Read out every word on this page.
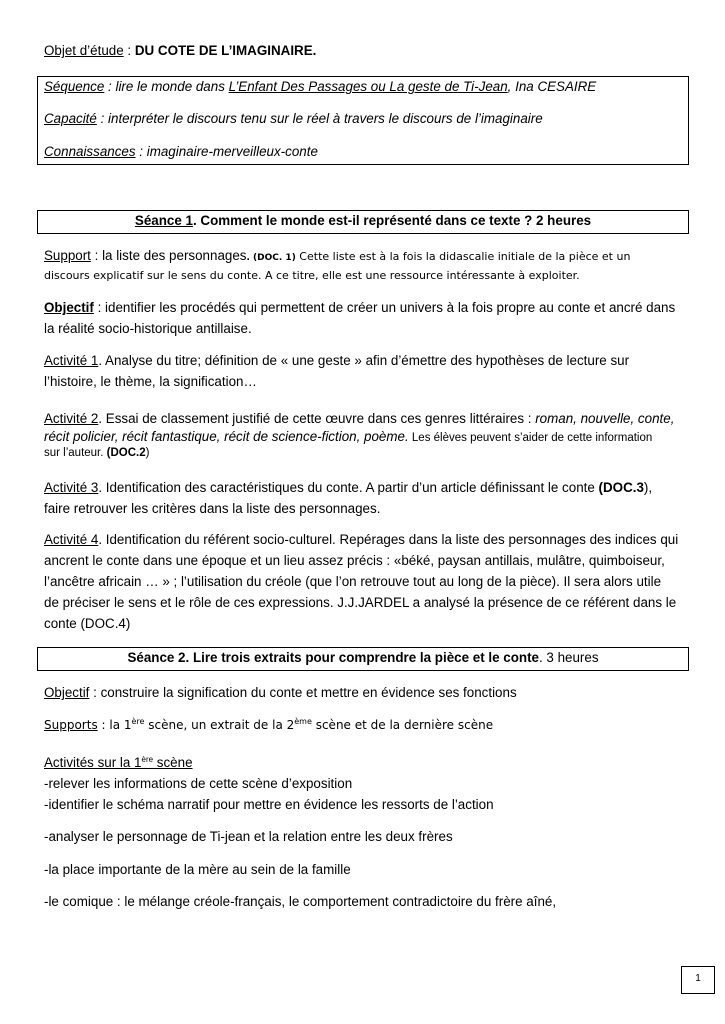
Objet d’étude : DU COTE DE L’IMAGINAIRE.
Séquence : lire le monde dans L’Enfant Des Passages ou La geste de Ti-Jean, Ina CESAIRE
Capacité : interpréter le discours tenu sur le réel à travers le discours de l’imaginaire
Connaissances : imaginaire-merveilleux-conte
Séance 1. Comment le monde est-il représenté dans ce texte ? 2 heures
Support : la liste des personnages. (DOC. 1) Cette liste est à la fois la didascalie initiale de la pièce et un
discours explicatif sur le sens du conte. A ce titre, elle est une ressource intéressante à exploiter.
Objectif : identifier les procédés qui permettent de créer un univers à la fois propre au conte et ancré dans
la réalité socio-historique antillaise.
Activité 1. Analyse du titre; définition de « une geste » afin d’émettre des hypothèses de lecture sur
l’histoire, le thème, la signification…
Activité 2. Essai de classement justifié de cette œuvre dans ces genres littéraires : roman, nouvelle, conte,
récit policier, récit fantastique, récit de science-fiction, poème. Les élèves peuvent s’aider de cette information
sur l’auteur. (DOC.2)
Activité 3. Identification des caractéristiques du conte. A partir d’un article définissant le conte (DOC.3),
faire retrouver les critères dans la liste des personnages.
Activité 4. Identification du référent socio-culturel. Repérages dans la liste des personnages des indices qui
ancrent le conte dans une époque et un lieu assez précis : «béké, paysan antillais, mulâtre, quimboiseur,
l’ancêtre africain … » ; l’utilisation du créole (que l’on retrouve tout au long de la pièce). Il sera alors utile
de préciser le sens et le rôle de ces expressions. J.J.JARDEL a analysé la présence de ce référent dans le
conte (DOC.4)
Séance 2. Lire trois extraits pour comprendre la pièce et le conte. 3 heures
Objectif : construire la signification du conte et mettre en évidence ses fonctions
Supports : la 1ère scène, un extrait de la 2ème scène et de la dernière scène
Activités sur la 1ère scène
-relever les informations de cette scène d’exposition
-identifier le schéma narratif pour mettre en évidence les ressorts de l’action
-analyser le personnage de Ti-jean et la relation entre les deux frères
-la place importante de la mère au sein de la famille
-le comique : le mélange créole-français, le comportement contradictoire du frère aîné,
1
